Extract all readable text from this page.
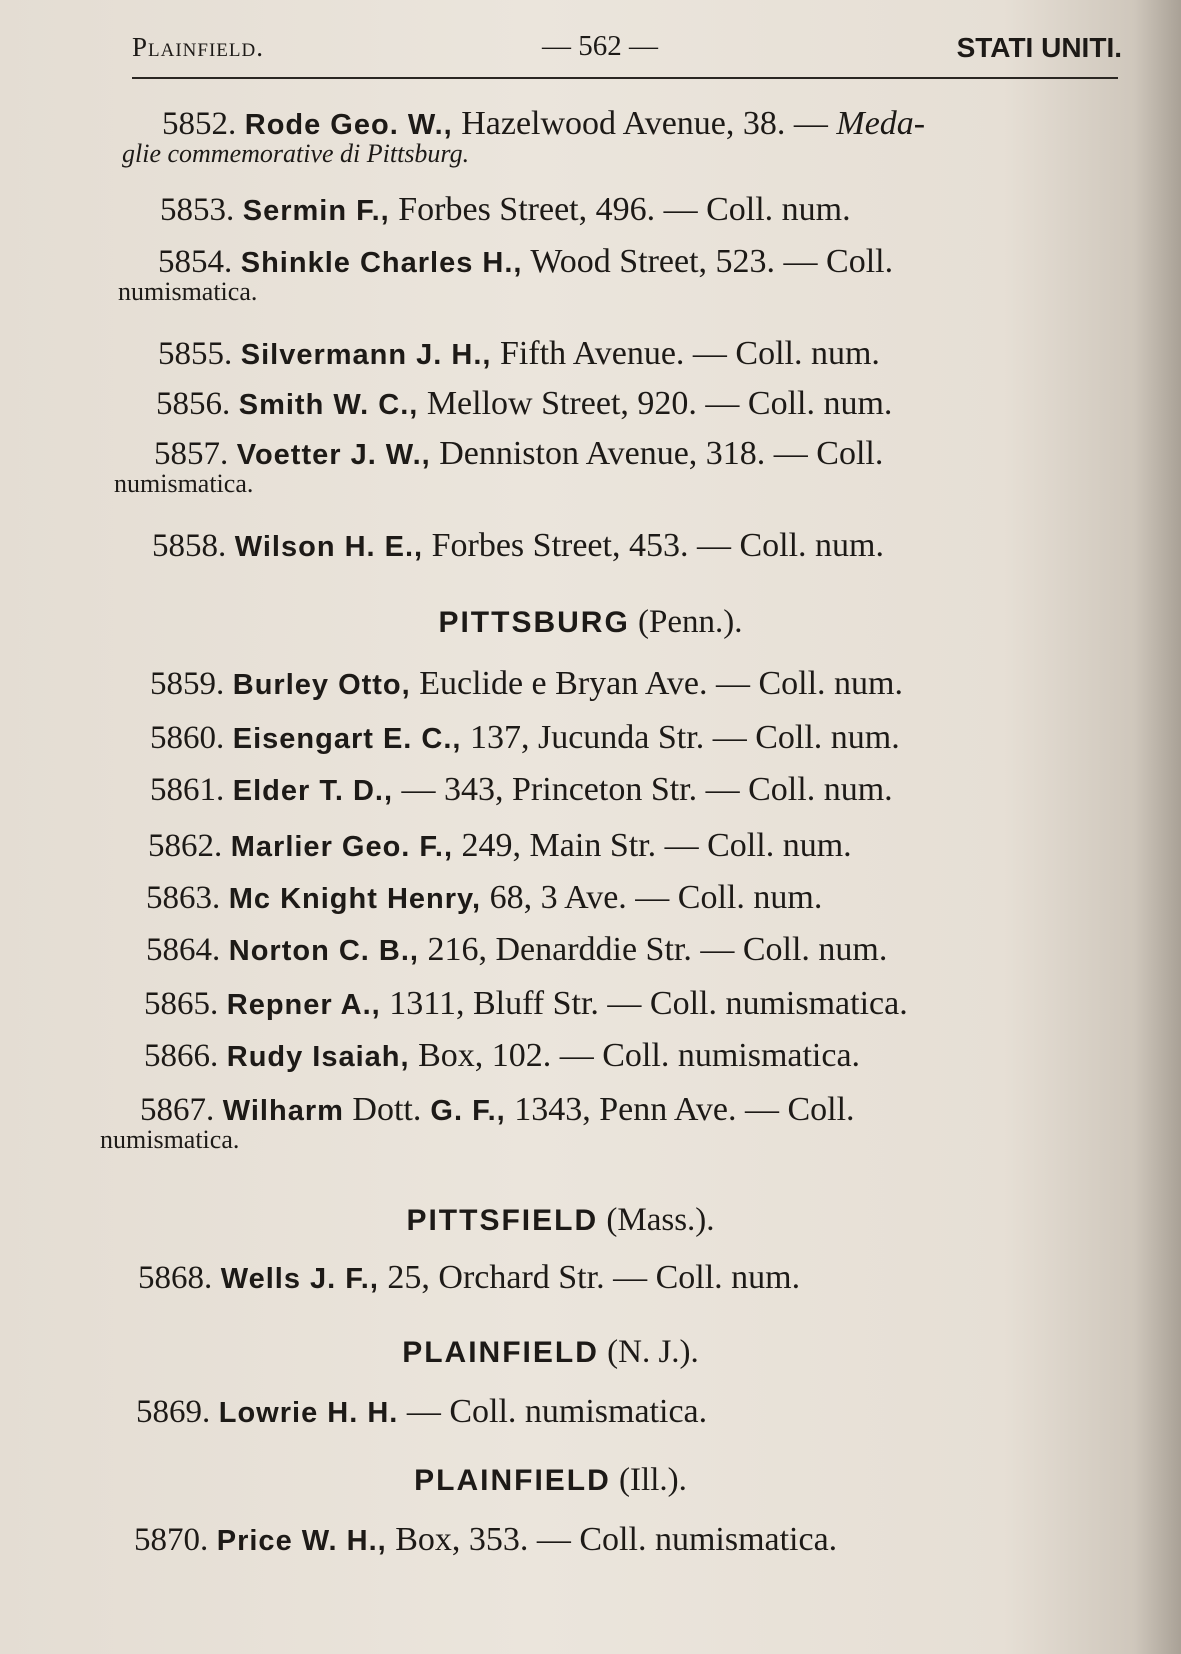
Plainfield.	— 562 —	STATI UNITI.
5852. Rode Geo. W., Hazelwood Avenue, 38. — Meda-
glie commemorative di Pittsburg.
5853. Sermin F., Forbes Street, 496. — Coll. num.
5854. Shinkle Charles H., Wood Street, 523. — Coll.
numismatica.
5855. Silvermann J. H., Fifth Avenue. — Coll. num.
5856. Smith W. C., Mellow Street, 920. — Coll. num.
5857. Voetter J. W., Denniston Avenue, 318. — Coll.
numismatica.
5858. Wilson H. E., Forbes Street, 453. — Coll. num.
PITTSBURG (Penn.).
5859. Burley Otto, Euclide e Bryan Ave. — Coll. num.
5860. Eisengart E. C., 137, Jucunda Str. — Coll. num.
5861. Elder T. D., — 343, Princeton Str. — Coll. num.
5862. Marlier Geo. F., 249, Main Str. — Coll. num.
5863. Mc Knight Henry, 68, 3 Ave. — Coll. num.
5864. Norton C. B., 216, Denarddie Str. — Coll. num.
5865. Repner A., 1311, Bluff Str. — Coll. numismatica.
5866. Rudy Isaiah, Box, 102. — Coll. numismatica.
5867. Wilharm Dott. G. F., 1343, Penn Ave. — Coll.
numismatica.
PITTSFIELD (Mass.).
5868. Wells J. F., 25, Orchard Str. — Coll. num.
PLAINFIELD (N. J.).
5869. Lowrie H. H. — Coll. numismatica.
PLAINFIELD (Ill.).
5870. Price W. H., Box, 353. — Coll. numismatica.
